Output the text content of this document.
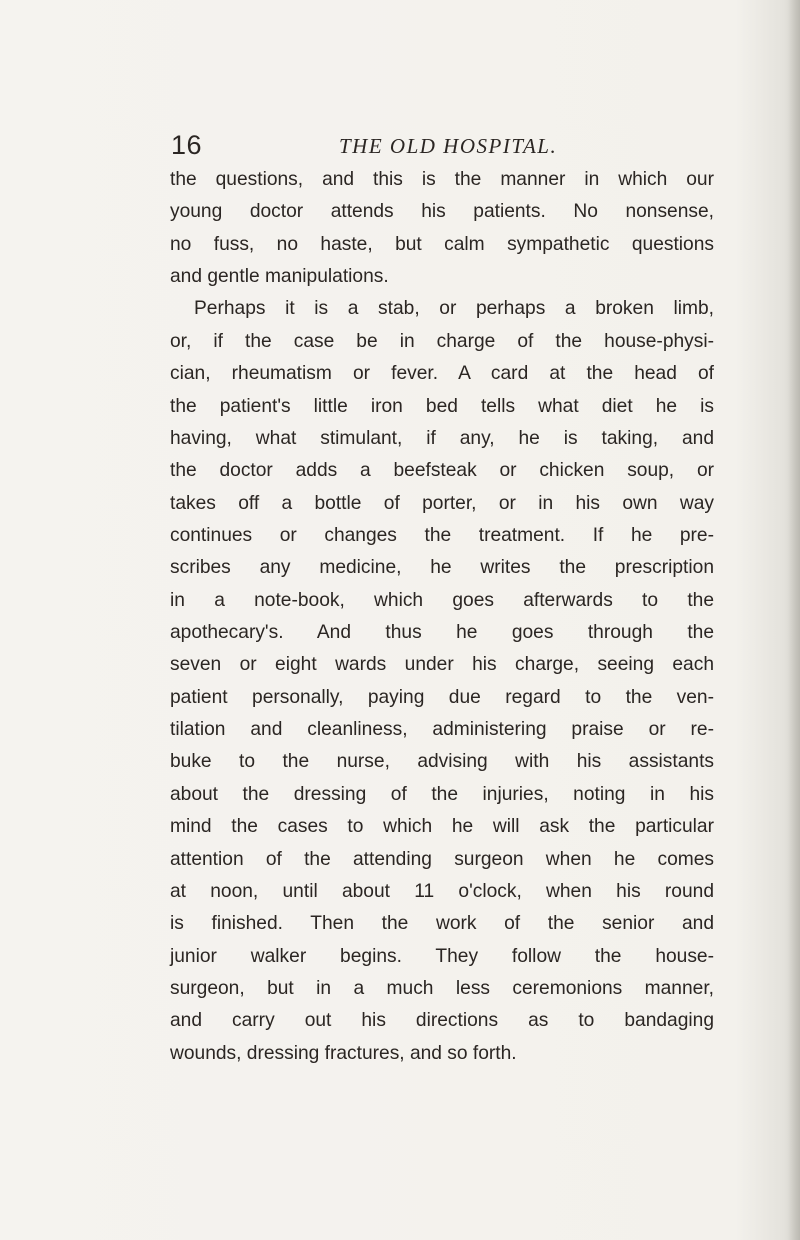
16	THE OLD HOSPITAL.
the questions, and this is the manner in which our
young doctor attends his patients. No nonsense,
no fuss, no haste, but calm sympathetic questions
and gentle manipulations.
Perhaps it is a stab, or perhaps a broken limb,
or, if the case be in charge of the house-physi-
cian, rheumatism or fever. A card at the head of
the patient's little iron bed tells what diet he is
having, what stimulant, if any, he is taking, and
the doctor adds a beefsteak or chicken soup, or
takes off a bottle of porter, or in his own way
continues or changes the treatment. If he pre-
scribes any medicine, he writes the prescription
in a note-book, which goes afterwards to the
apothecary's. And thus he goes through the
seven or eight wards under his charge, seeing each
patient personally, paying due regard to the ven-
tilation and cleanliness, administering praise or re-
buke to the nurse, advising with his assistants
about the dressing of the injuries, noting in his
mind the cases to which he will ask the particular
attention of the attending surgeon when he comes
at noon, until about 11 o'clock, when his round
is finished. Then the work of the senior and
junior walker begins. They follow the house-
surgeon, but in a much less ceremonions manner,
and carry out his directions as to bandaging
wounds, dressing fractures, and so forth.
